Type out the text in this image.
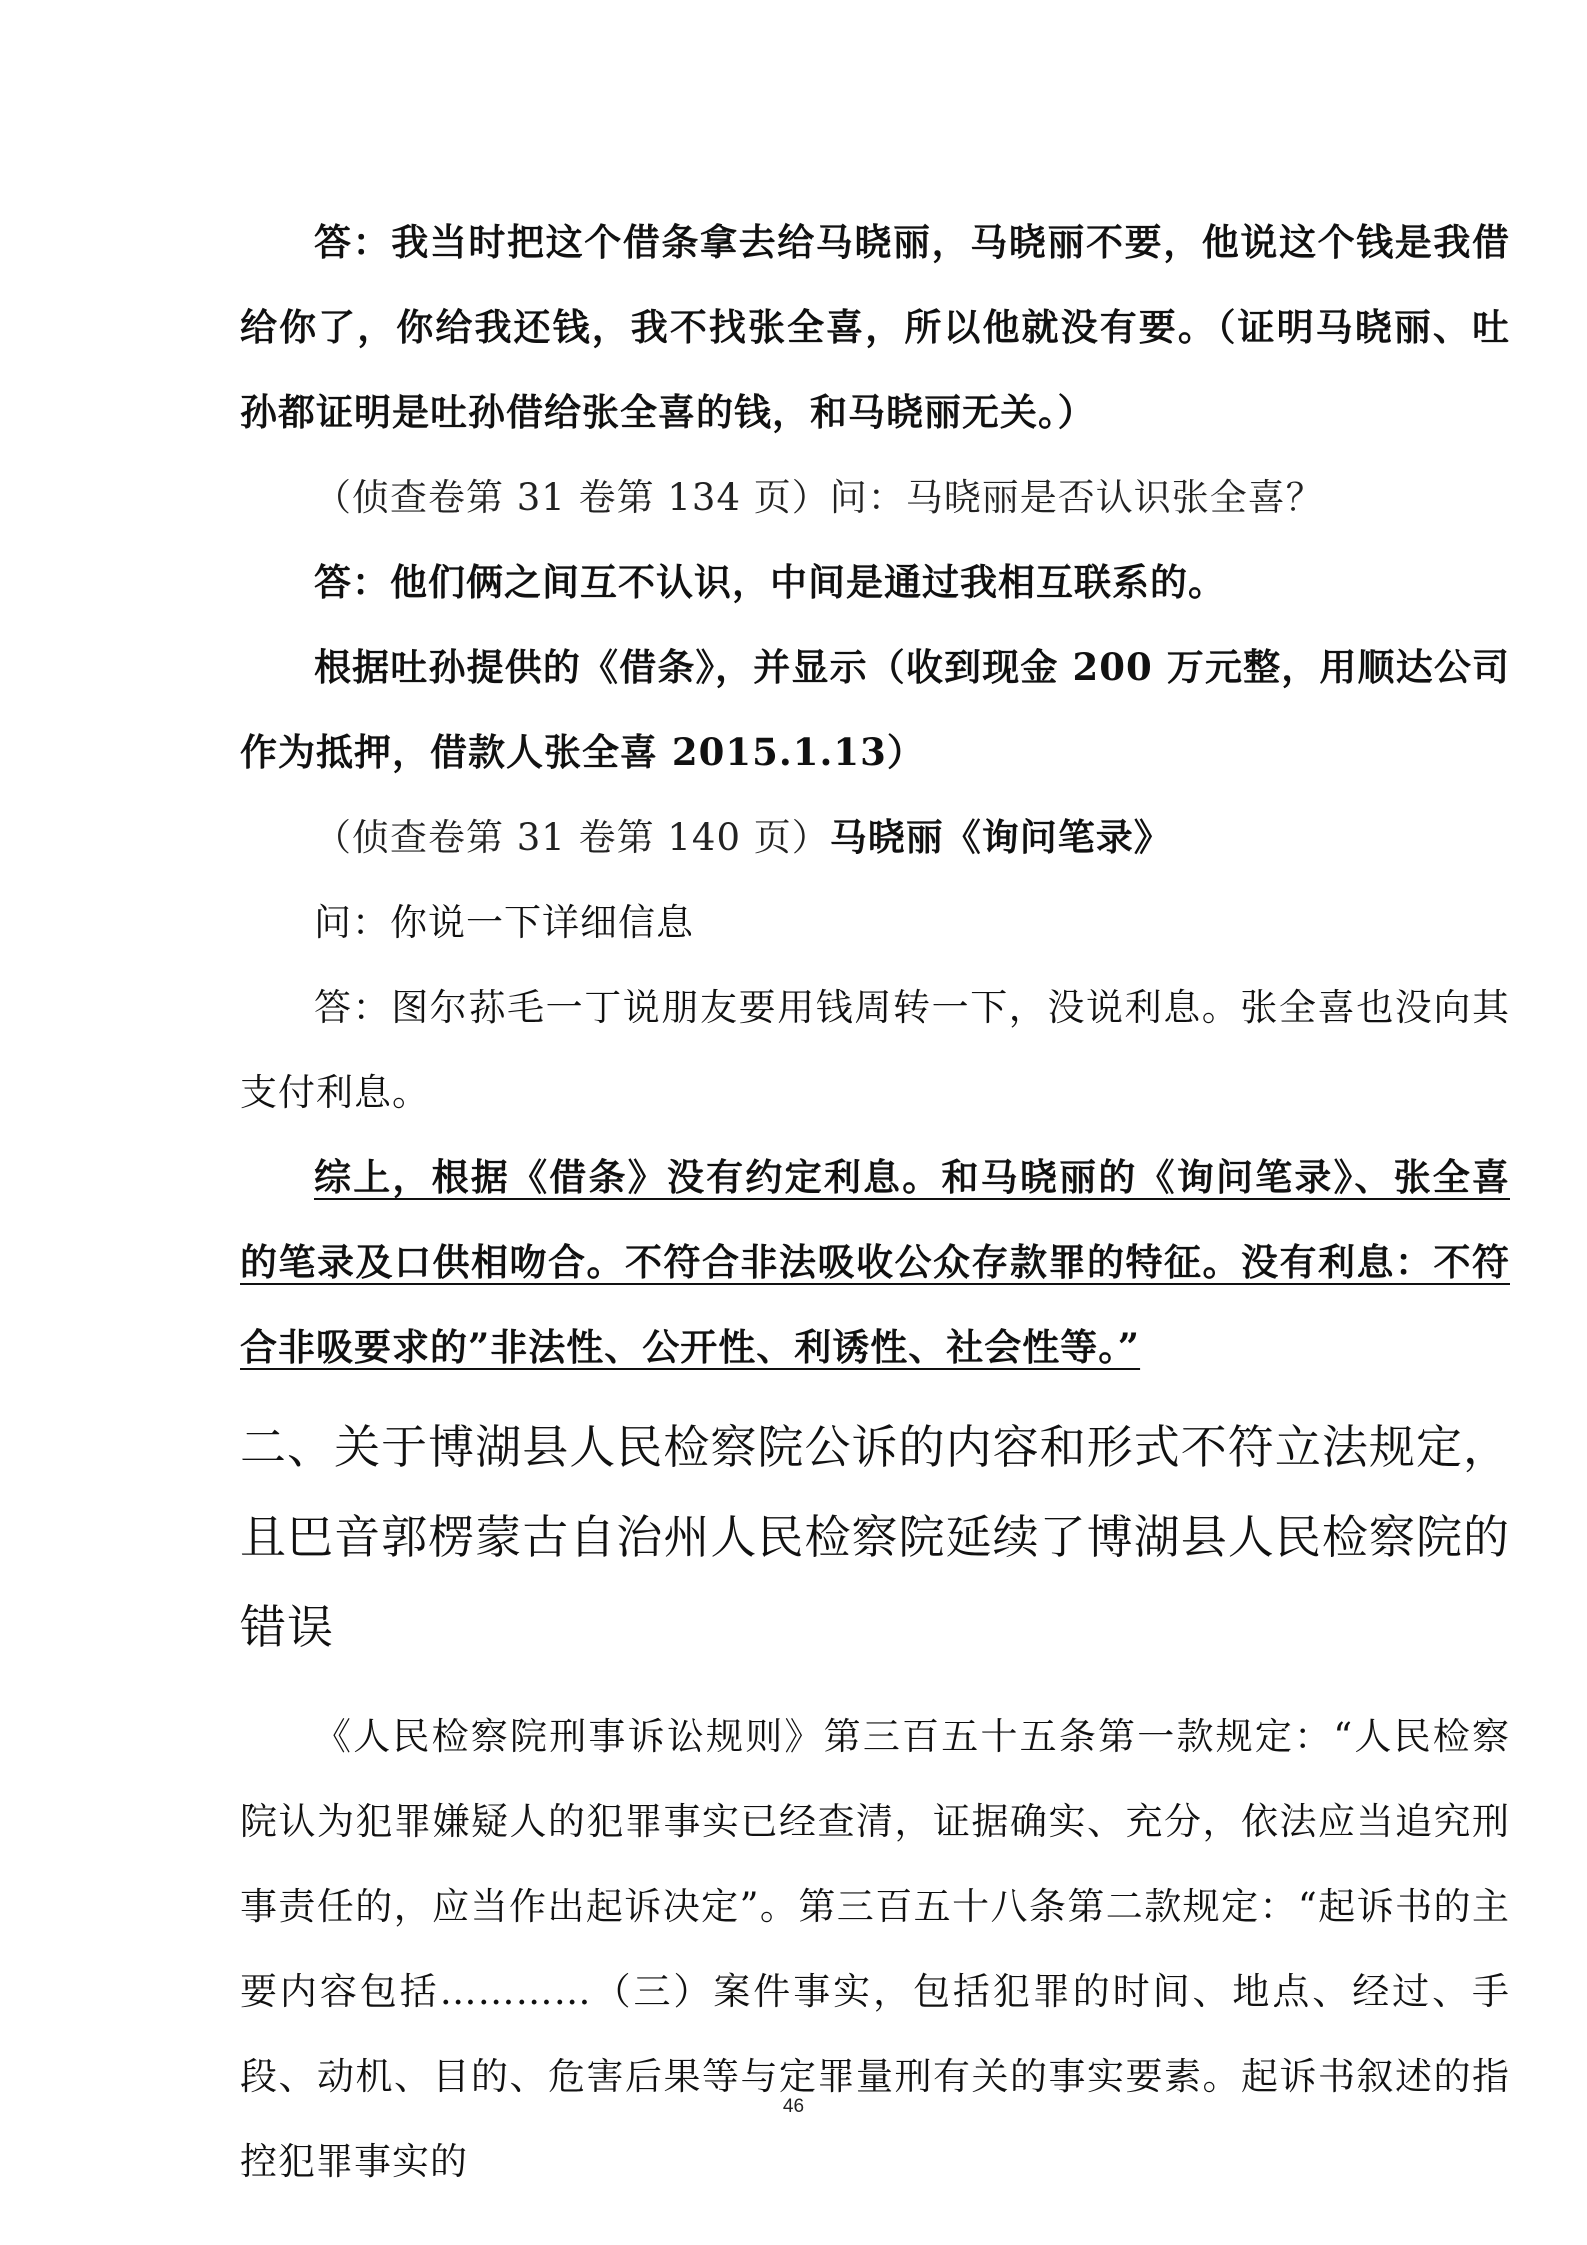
答：我当时把这个借条拿去给马晓丽，马晓丽不要，他说这个钱是我借给你了，你给我还钱，我不找张全喜，所以他就没有要。（证明马晓丽、吐孙都证明是吐孙借给张全喜的钱，和马晓丽无关。）

（侦查卷第 31 卷第 134 页）问：马晓丽是否认识张全喜？

答：他们俩之间互不认识，中间是通过我相互联系的。

根据吐孙提供的《借条》，并显示（收到现金 200 万元整，用顺达公司作为抵押，借款人张全喜 2015.1.13）

（侦查卷第 31 卷第 140 页）马晓丽《询问笔录》

问：你说一下详细信息

答：图尔荪毛一丁说朋友要用钱周转一下，没说利息。张全喜也没向其支付利息。

综上，根据《借条》没有约定利息。和马晓丽的《询问笔录》、张全喜的笔录及口供相吻合。不符合非法吸收公众存款罪的特征。没有利息：不符合非吸要求的”非法性、公开性、利诱性、社会性等。”

二、关于博湖县人民检察院公诉的内容和形式不符立法规定，且巴音郭楞蒙古自治州人民检察院延续了博湖县人民检察院的错误

《人民检察院刑事诉讼规则》第三百五十五条第一款规定：“人民检察院认为犯罪嫌疑人的犯罪事实已经查清，证据确实、充分，依法应当追究刑事责任的，应当作出起诉决定”。第三百五十八条第二款规定：“起诉书的主要内容包括…………（三）案件事实，包括犯罪的时间、地点、经过、手段、动机、目的、危害后果等与定罪量刑有关的事实要素。起诉书叙述的指控犯罪事实的

46
